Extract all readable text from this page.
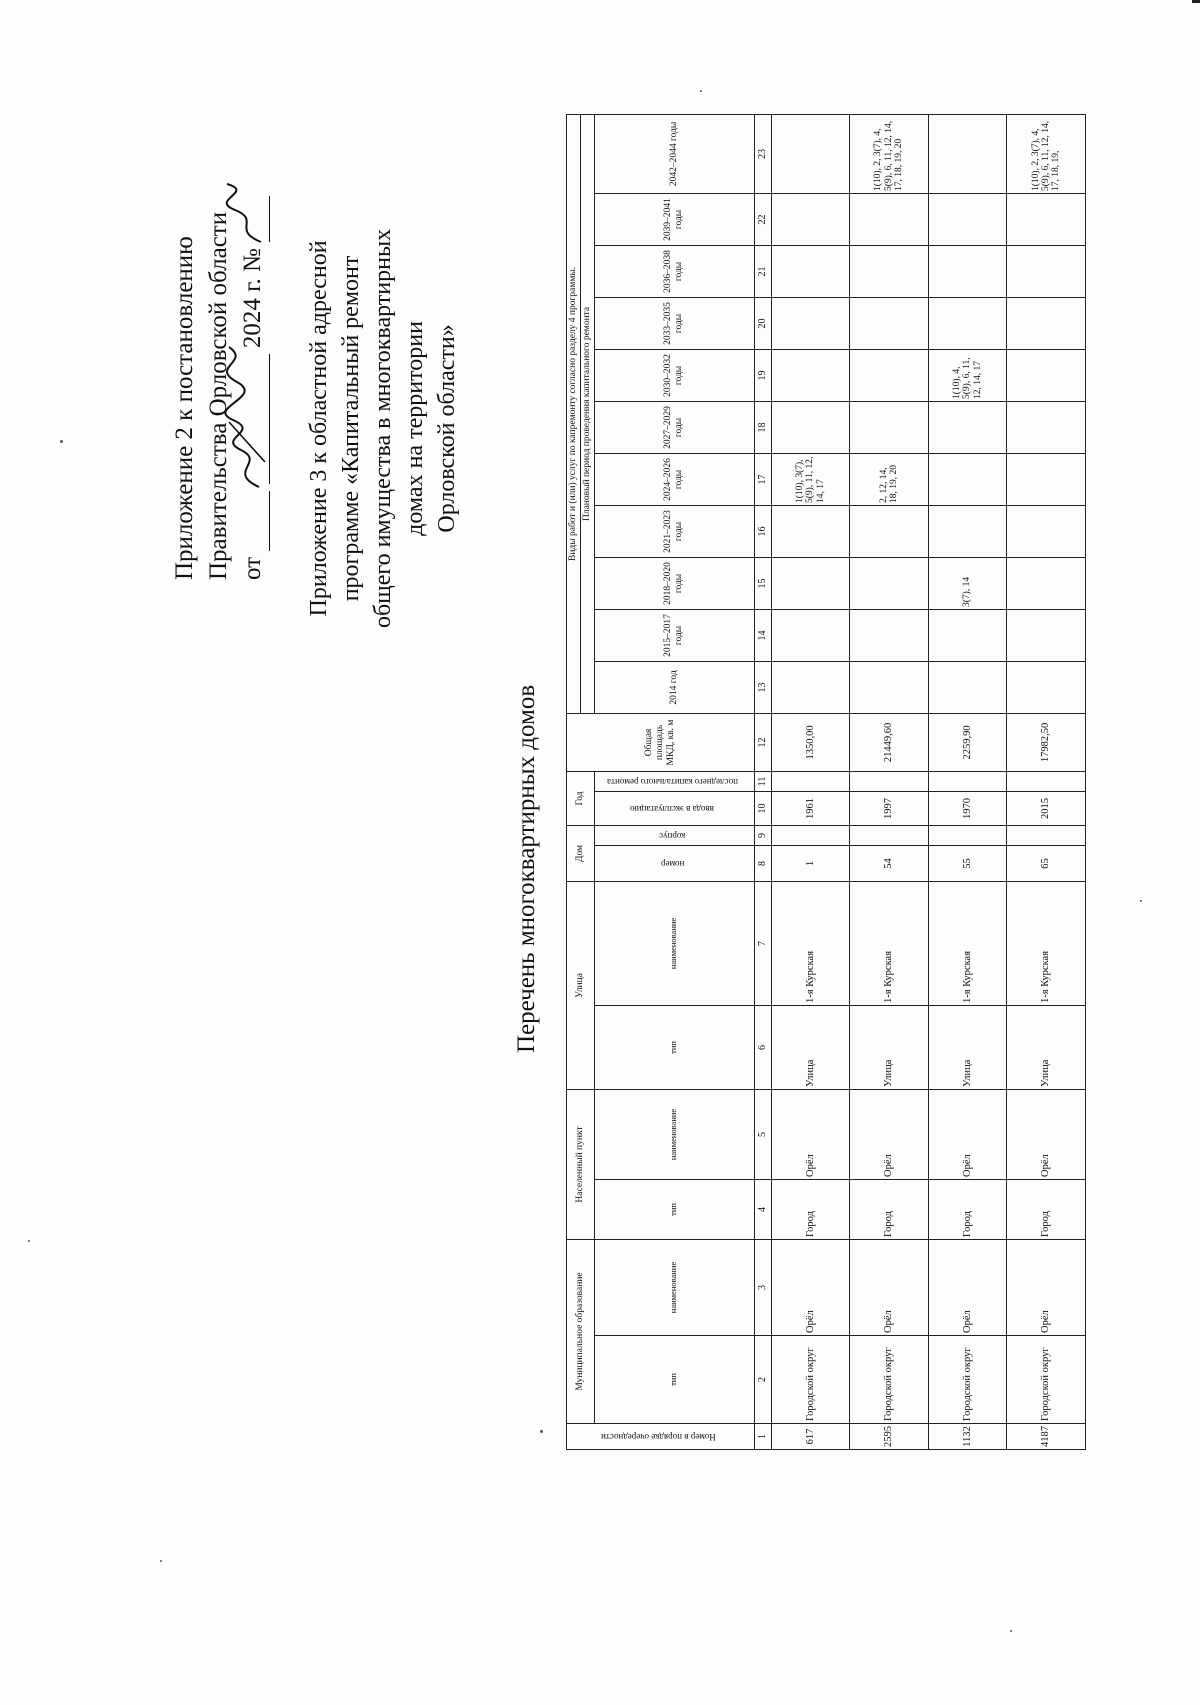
Приложение 2 к постановлению Правительства Орловской области от
2024 г. № Приложение 3 к областной адресной программе «Капитальный ремонт общего имущества в многоквартирных домах на территории Орловской области»
Перечень многоквартирных домов
Номер в порядке очередности	Муниципальное образование		Населенный пункт		Улица		Дом		Год		Общая площадь МКД, кв. м	Виды работ и (или) услуг по капремонту согласно разделу 4 программы.										
												Плановый период проведения капитального ремонта										
	тип	наименование	тип	наименование	тип	наименование	номер	корпус	ввода в эксплуатацию	последнего капитального ремонта		2014 год	2015–2017 годы	2018–2020 годы	2021–2023 годы	2024–2026 годы	2027–2029 годы	2030–2032 годы	2033–2035 годы	2036–2038 годы	2039–2041 годы	2042–2044 годы
1	2	3	4	5	6	7	8	9	10	11	12	13	14	15	16	17	18	19	20	21	22	23
617	Городской округ	Орёл	Город	Орёл	Улица	1-я Курская	1		1961		1350,00					1(10), 3(7), 5(9), 11, 12, 14, 17						
2595	Городской округ	Орёл	Город	Орёл	Улица	1-я Курская	54		1997		21449,60					2, 12, 14, 18, 19, 20						1(10), 2, 3(7), 4, 5(9), 6, 11, 12, 14, 17, 18, 19, 20
1132	Городской округ	Орёл	Город	Орёл	Улица	1-я Курская	55		1970		2259,90			3(7), 14				1(10), 4, 5(9), 6, 11, 12, 14, 17				
4187	Городской округ	Орёл	Город	Орёл	Улица	1-я Курская	65		2015		17982,50											1(10), 2, 3(7), 4, 5(9), 6, 11, 12, 14, 17, 18, 19,
